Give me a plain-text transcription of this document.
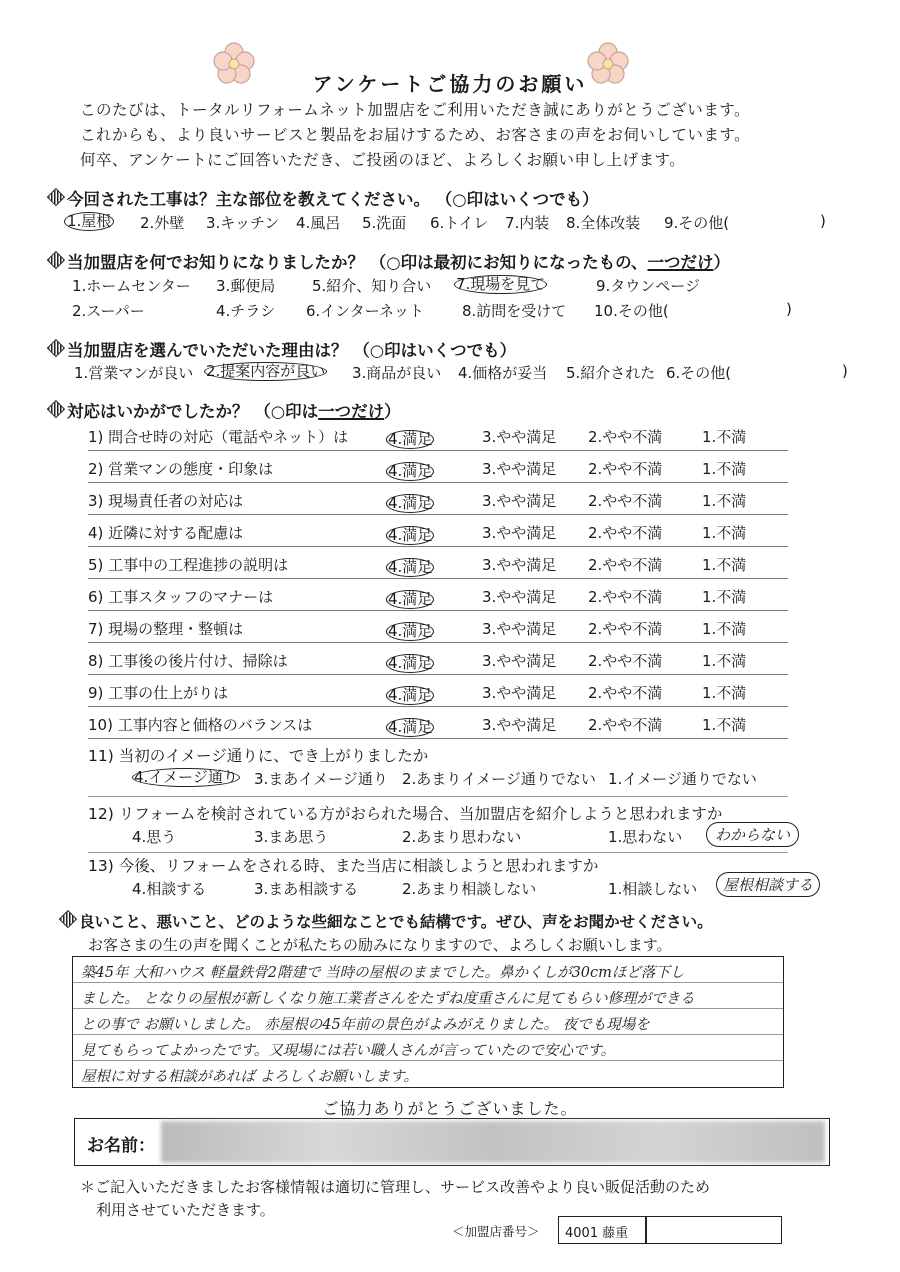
アンケートご協力のお願い
このたびは、トータルリフォームネット加盟店をご利用いただき誠にありがとうございます。
これからも、より良いサービスと製品をお届けするため、お客さまの声をお伺いしています。
何卒、アンケートにご回答いただき、ご投函のほど、よろしくお願い申し上げます。
今回された工事は？主な部位を教えてください。 （○印はいくつでも）
1.屋根 2.外壁 3.キッチン 4.風呂 5.洗面 6.トイレ 7.内装 8.全体改装 9.その他(	)
当加盟店を何でお知りになりましたか？ （○印は最初にお知りになったもの、一つだけ）
1.ホームセンター 3.郵便局 5.紹介、知り合い 7.現場を見て	9.タウンページ
2.スーパー	4.チラシ 6.インターネット	8.訪問を受けて 10.その他(	)
当加盟店を選んでいただいた理由は？ （○印はいくつでも）
1.営業マンが良い 2.提案内容が良い 3.商品が良い 4.価格が妥当 5.紹介された 6.その他(	)
対応はいかがでしたか？ （○印は一つだけ）
1) 問合せ時の対応（電話やネット）は	4.満足	3.やや満足 2.やや不満	1.不満
2) 営業マンの態度・印象は	4.満足	3.やや満足 2.やや不満	1.不満
3) 現場責任者の対応は	4.満足	3.やや満足 2.やや不満	1.不満
4) 近隣に対する配慮は	4.満足	3.やや満足 2.やや不満	1.不満
5) 工事中の工程進捗の説明は	4.満足	3.やや満足 2.やや不満	1.不満
6) 工事スタッフのマナーは	4.満足	3.やや満足 2.やや不満	1.不満
7) 現場の整理・整頓は	4.満足	3.やや満足 2.やや不満	1.不満
8) 工事後の後片付け、掃除は	4.満足	3.やや満足 2.やや不満	1.不満
9) 工事の仕上がりは	4.満足	3.やや満足 2.やや不満	1.不満
10) 工事内容と価格のバランスは	4.満足	3.やや満足 2.やや不満	1.不満
11) 当初のイメージ通りに、でき上がりましたか
4.イメージ通り 3.まあイメージ通り 2.あまりイメージ通りでない 1.イメージ通りでない
12) リフォームを検討されている方がおられた場合、当加盟店を紹介しようと思われますか
4.思う	3.まあ思う	2.あまり思わない	1.思わない	わからない
13) 今後、リフォームをされる時、また当店に相談しようと思われますか
4.相談する	3.まあ相談する	2.あまり相談しない	1.相談しない	屋根相談する
良いこと、悪いこと、どのような些細なことでも結構です。ぜひ、声をお聞かせください。
お客さまの生の声を聞くことが私たちの励みになりますので、よろしくお願いします。
築45年 大和ハウス 軽量鉄骨2階建で 当時の屋根のままでした。鼻かくしが30cmほど落下し
ました。 となりの屋根が新しくなり施工業者さんをたずね度重さんに見てもらい修理ができる
との事で お願いしました。 赤屋根の45年前の景色がよみがえりました。 夜でも現場を
見てもらってよかったです。又現場には若い職人さんが言っていたので安心です。
屋根に対する相談があれば よろしくお願いします。
ご協力ありがとうございました。
お名前：
＊ご記入いただきましたお客様情報は適切に管理し、サービス改善やより良い販促活動のため
利用させていただきます。
＜加盟店番号＞ 4001 藤重
